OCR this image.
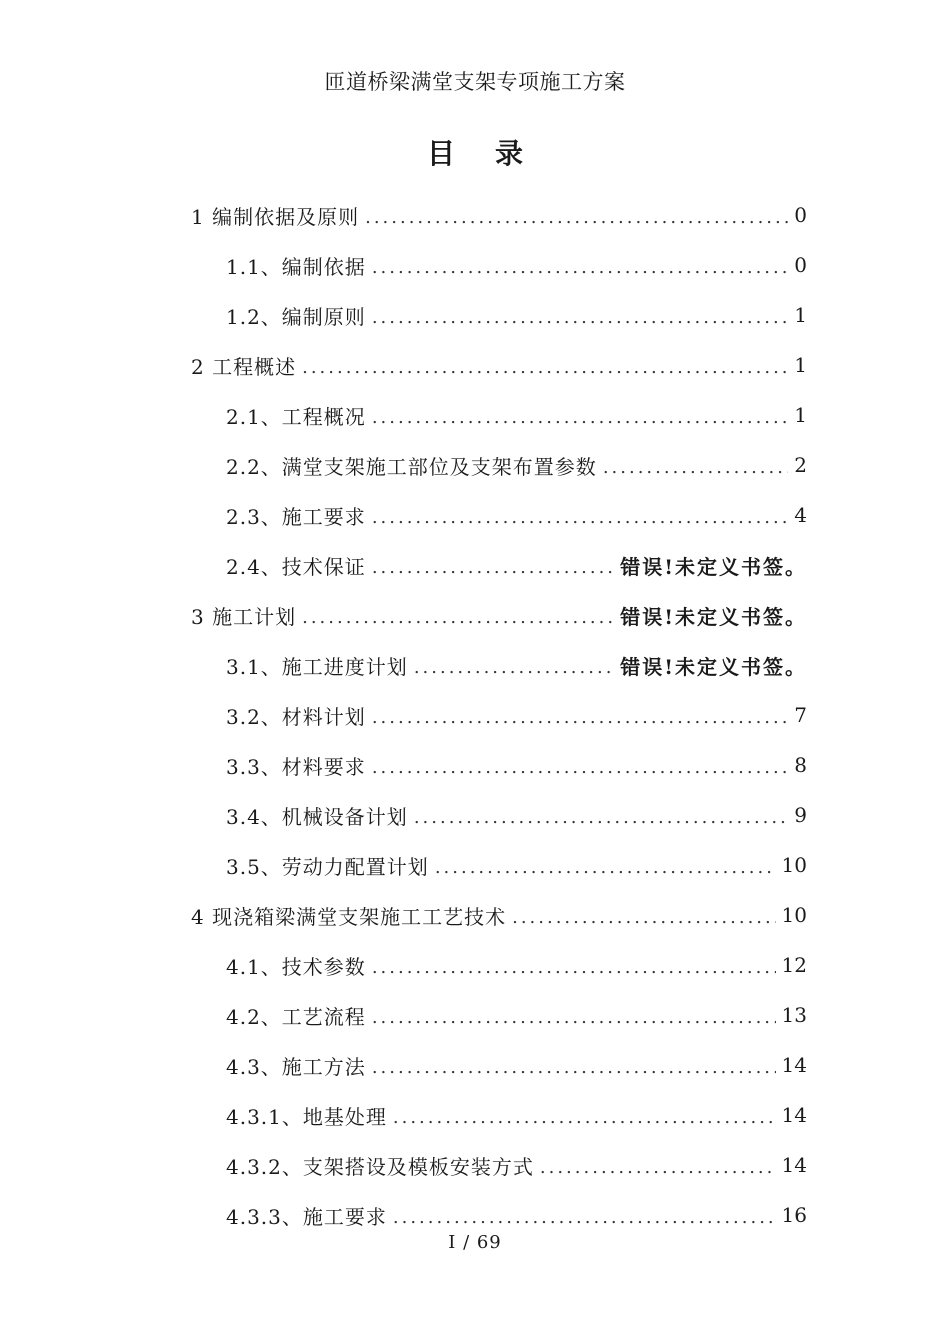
匝道桥梁满堂支架专项施工方案
目录
1 编制依据及原则 .....	0
1.1、编制依据 .....	0
1.2、编制原则 .....	1
2 工程概述 .....	1
2.1、工程概况 .....	1
2.2、满堂支架施工部位及支架布置参数 .....	2
2.3、施工要求 .....	4
2.4、技术保证 .....	错误!未定义书签。
3 施工计划 .....	错误!未定义书签。
3.1、施工进度计划 .....	错误!未定义书签。
3.2、材料计划 .....	7
3.3、材料要求 .....	8
3.4、机械设备计划 .....	9
3.5、劳动力配置计划 .....	10
4 现浇箱梁满堂支架施工工艺技术 .....	10
4.1、技术参数 .....	12
4.2、工艺流程 .....	13
4.3、施工方法 .....	14
4.3.1、地基处理 .....	14
4.3.2、支架搭设及模板安装方式 .....	14
4.3.3、施工要求 .....	16
I / 69
